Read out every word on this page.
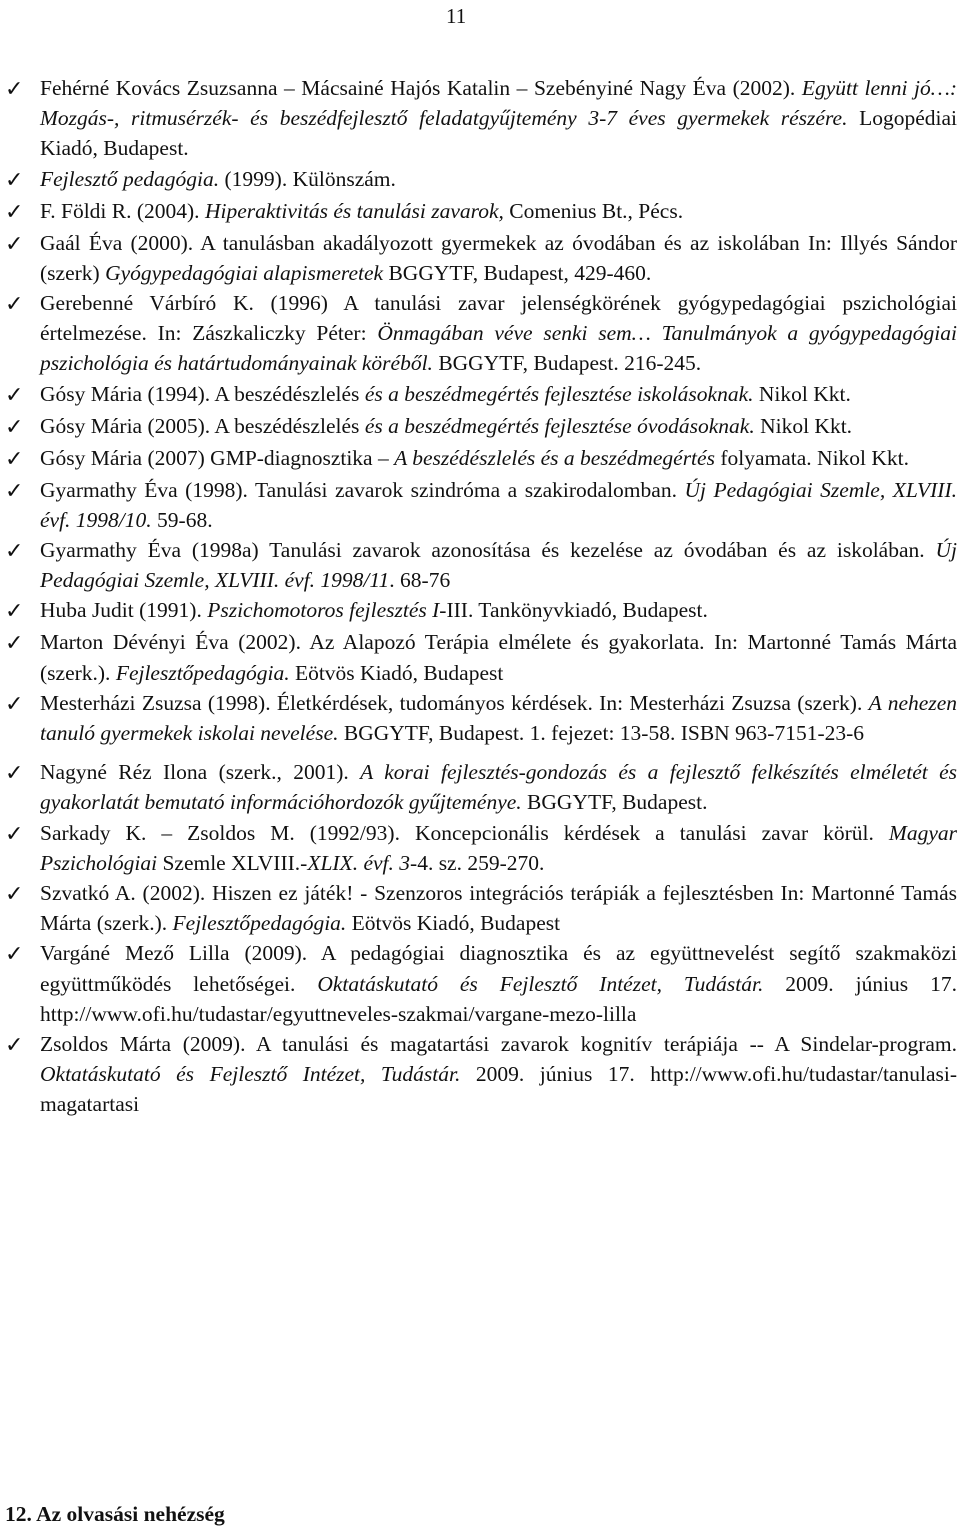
11
✓ Fehérné Kovács Zsuzsanna – Mácsainé Hajós Katalin – Szebényiné Nagy Éva (2002). Együtt lenni jó…: Mozgás-, ritmusérzék- és beszédfejlesztő feladatgyűjtemény 3-7 éves gyermekek részére. Logopédiai Kiadó, Budapest.
✓ Fejlesztő pedagógia. (1999). Különszám.
✓ F. Földi R. (2004). Hiperaktivitás és tanulási zavarok, Comenius Bt., Pécs.
✓ Gaál Éva (2000). A tanulásban akadályozott gyermekek az óvodában és az iskolában In: Illyés Sándor (szerk) Gyógypedagógiai alapismeretek BGGYTF, Budapest, 429-460.
✓ Gerebenné Várbíró K. (1996) A tanulási zavar jelenségkörének gyógypedagógiai pszichológiai értelmezése. In: Zászkaliczky Péter: Önmagában véve senki sem… Tanulmányok a gyógypedagógiai pszichológia és határtudományainak köréből. BGGYTF, Budapest. 216-245.
✓ Gósy Mária (1994). A beszédészlelés és a beszédmegértés fejlesztése iskolásoknak. Nikol Kkt.
✓ Gósy Mária (2005). A beszédészlelés és a beszédmegértés fejlesztése óvodásoknak. Nikol Kkt.
✓ Gósy Mária (2007) GMP-diagnosztika – A beszédészlelés és a beszédmegértés folyamata. Nikol Kkt.
✓ Gyarmathy Éva (1998). Tanulási zavarok szindróma a szakirodalomban. Új Pedagógiai Szemle, XLVIII. évf. 1998/10. 59-68.
✓ Gyarmathy Éva (1998a) Tanulási zavarok azonosítása és kezelése az óvodában és az iskolában. Új Pedagógiai Szemle, XLVIII. évf. 1998/11. 68-76
✓ Huba Judit (1991). Pszichomotoros fejlesztés I-III. Tankönyvkiadó, Budapest.
✓ Marton Dévényi Éva (2002). Az Alapozó Terápia elmélete és gyakorlata. In: Martonné Tamás Márta (szerk.). Fejlesztőpedagógia. Eötvös Kiadó, Budapest
✓ Mesterházi Zsuzsa (1998). Életkérdések, tudományos kérdések. In: Mesterházi Zsuzsa (szerk). A nehezen tanuló gyermekek iskolai nevelése. BGGYTF, Budapest. 1. fejezet: 13-58. ISBN 963-7151-23-6
✓ Nagyné Réz Ilona (szerk., 2001). A korai fejlesztés-gondozás és a fejlesztő felkészítés elméletét és gyakorlatát bemutató információhordozók gyűjteménye. BGGYTF, Budapest.
✓ Sarkady K. – Zsoldos M. (1992/93). Koncepcionális kérdések a tanulási zavar körül. Magyar Pszichológiai Szemle XLVIII.-XLIX. évf. 3-4. sz. 259-270.
✓ Szvatkó A. (2002). Hiszen ez játék! - Szenzoros integrációs terápiák a fejlesztésben In: Martonné Tamás Márta (szerk.). Fejlesztőpedagógia. Eötvös Kiadó, Budapest
✓ Vargáné Mező Lilla (2009). A pedagógiai diagnosztika és az együttnevelést segítő szakmaközi együttműködés lehetőségei. Oktatáskutató és Fejlesztő Intézet, Tudástár. 2009. június 17. http://www.ofi.hu/tudastar/egyuttneveles-szakmai/vargane-mezo-lilla
✓ Zsoldos Márta (2009). A tanulási és magatartási zavarok kognitív terápiája -- A Sindelar-program. Oktatáskutató és Fejlesztő Intézet, Tudástár. 2009. június 17. http://www.ofi.hu/tudastar/tanulasi-magatartasi
12. Az olvasási nehézség
